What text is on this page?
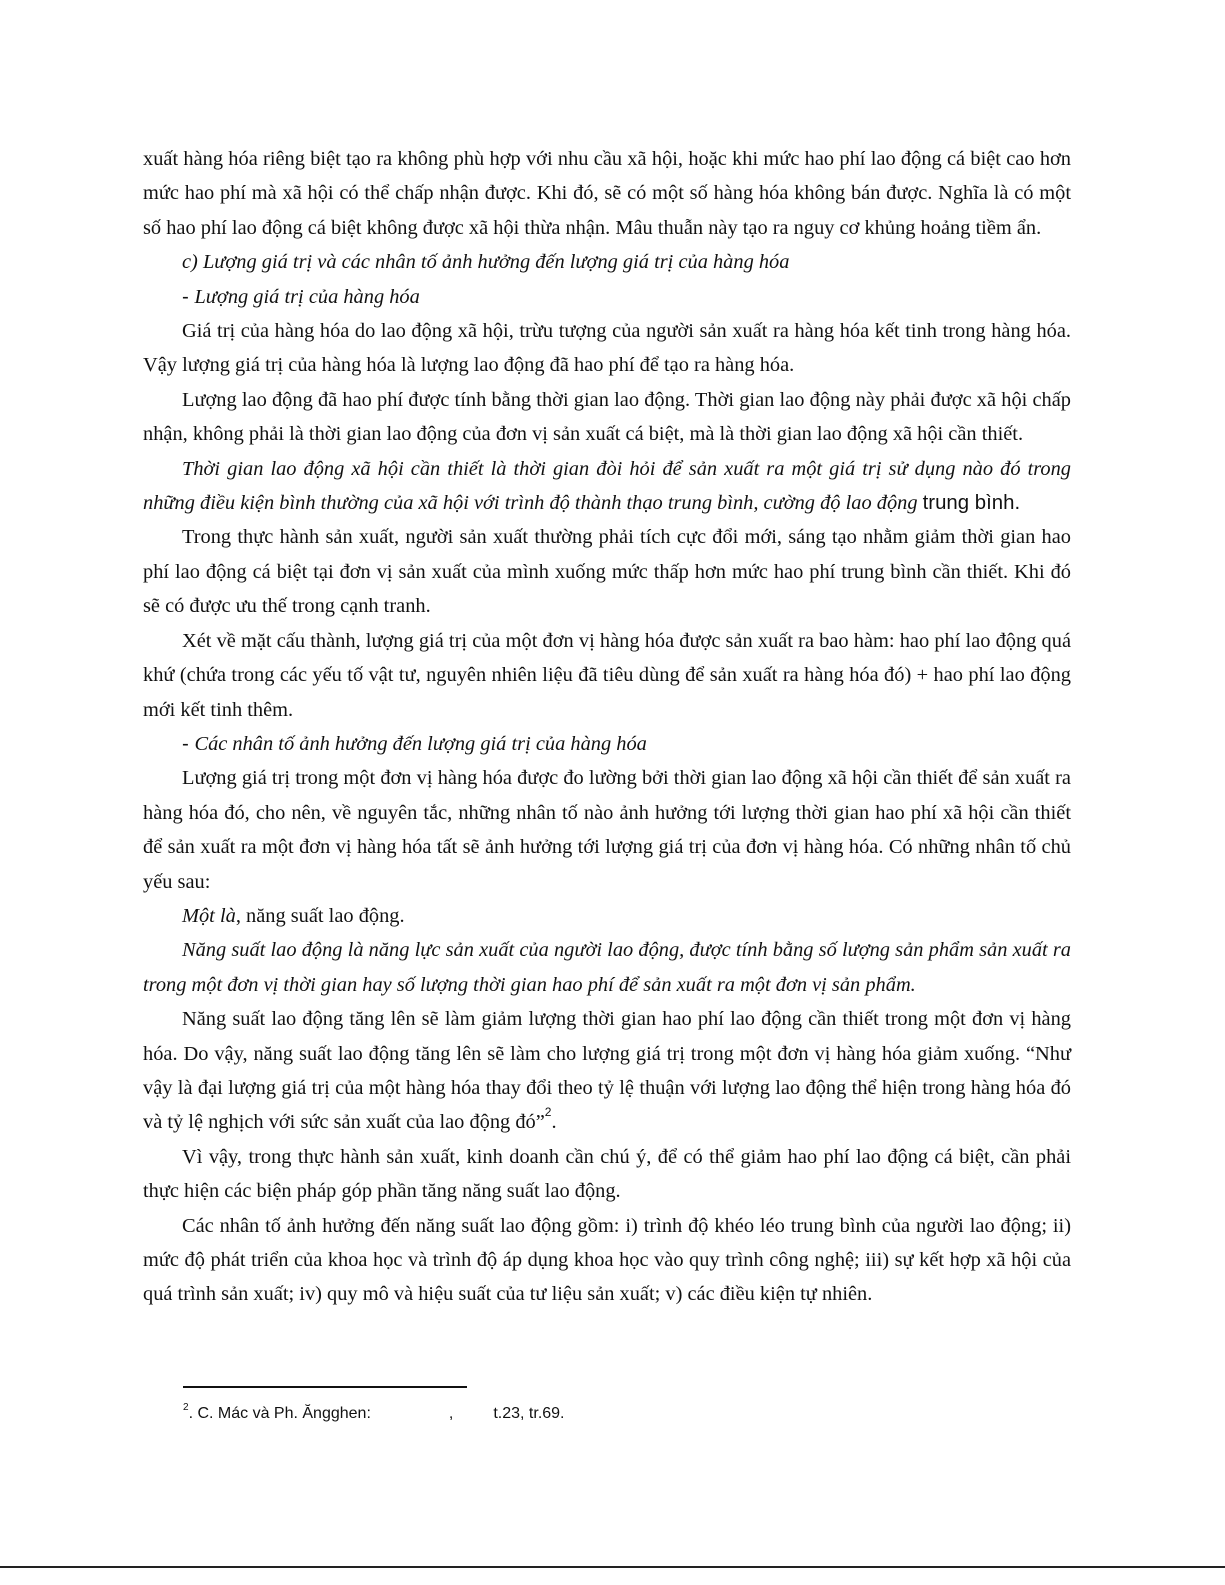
xuất hàng hóa riêng biệt tạo ra không phù hợp với nhu cầu xã hội, hoặc khi mức hao phí lao động cá biệt cao hơn mức hao phí mà xã hội có thể chấp nhận được. Khi đó, sẽ có một số hàng hóa không bán được. Nghĩa là có một số hao phí lao động cá biệt không được xã hội thừa nhận. Mâu thuẫn này tạo ra nguy cơ khủng hoảng tiềm ẩn.

c) Lượng giá trị và các nhân tố ảnh hưởng đến lượng giá trị của hàng hóa

- Lượng giá trị của hàng hóa

Giá trị của hàng hóa do lao động xã hội, trừu tượng của người sản xuất ra hàng hóa kết tinh trong hàng hóa. Vậy lượng giá trị của hàng hóa là lượng lao động đã hao phí để tạo ra hàng hóa.

Lượng lao động đã hao phí được tính bằng thời gian lao động. Thời gian lao động này phải được xã hội chấp nhận, không phải là thời gian lao động của đơn vị sản xuất cá biệt, mà là thời gian lao động xã hội cần thiết.

Thời gian lao động xã hội cần thiết là thời gian đòi hỏi để sản xuất ra một giá trị sử dụng nào đó trong những điều kiện bình thường của xã hội với trình độ thành thạo trung bình, cường độ lao động trung bình.

Trong thực hành sản xuất, người sản xuất thường phải tích cực đổi mới, sáng tạo nhằm giảm thời gian hao phí lao động cá biệt tại đơn vị sản xuất của mình xuống mức thấp hơn mức hao phí trung bình cần thiết. Khi đó sẽ có được ưu thế trong cạnh tranh.

Xét về mặt cấu thành, lượng giá trị của một đơn vị hàng hóa được sản xuất ra bao hàm: hao phí lao động quá khứ (chứa trong các yếu tố vật tư, nguyên nhiên liệu đã tiêu dùng để sản xuất ra hàng hóa đó) + hao phí lao động mới kết tinh thêm.

- Các nhân tố ảnh hưởng đến lượng giá trị của hàng hóa

Lượng giá trị trong một đơn vị hàng hóa được đo lường bởi thời gian lao động xã hội cần thiết để sản xuất ra hàng hóa đó, cho nên, về nguyên tắc, những nhân tố nào ảnh hưởng tới lượng thời gian hao phí xã hội cần thiết để sản xuất ra một đơn vị hàng hóa tất sẽ ảnh hưởng tới lượng giá trị của đơn vị hàng hóa. Có những nhân tố chủ yếu sau:

Một là, năng suất lao động.

Năng suất lao động là năng lực sản xuất của người lao động, được tính bằng số lượng sản phẩm sản xuất ra trong một đơn vị thời gian hay số lượng thời gian hao phí để sản xuất ra một đơn vị sản phẩm.

Năng suất lao động tăng lên sẽ làm giảm lượng thời gian hao phí lao động cần thiết trong một đơn vị hàng hóa. Do vậy, năng suất lao động tăng lên sẽ làm cho lượng giá trị trong một đơn vị hàng hóa giảm xuống. “Như vậy là đại lượng giá trị của một hàng hóa thay đổi theo tỷ lệ thuận với lượng lao động thể hiện trong hàng hóa đó và tỷ lệ nghịch với sức sản xuất của lao động đó”$^2$.

Vì vậy, trong thực hành sản xuất, kinh doanh cần chú ý, để có thể giảm hao phí lao động cá biệt, cần phải thực hiện các biện pháp góp phần tăng năng suất lao động.

Các nhân tố ảnh hưởng đến năng suất lao động gồm: i) trình độ khéo léo trung bình của người lao động; ii) mức độ phát triển của khoa học và trình độ áp dụng khoa học vào quy trình công nghệ; iii) sự kết hợp xã hội của quá trình sản xuất; iv) quy mô và hiệu suất của tư liệu sản xuất; v) các điều kiện tự nhiên.

$^2$. C. Mác và Ph. Ăngghen:	,	t.23, tr.69.
